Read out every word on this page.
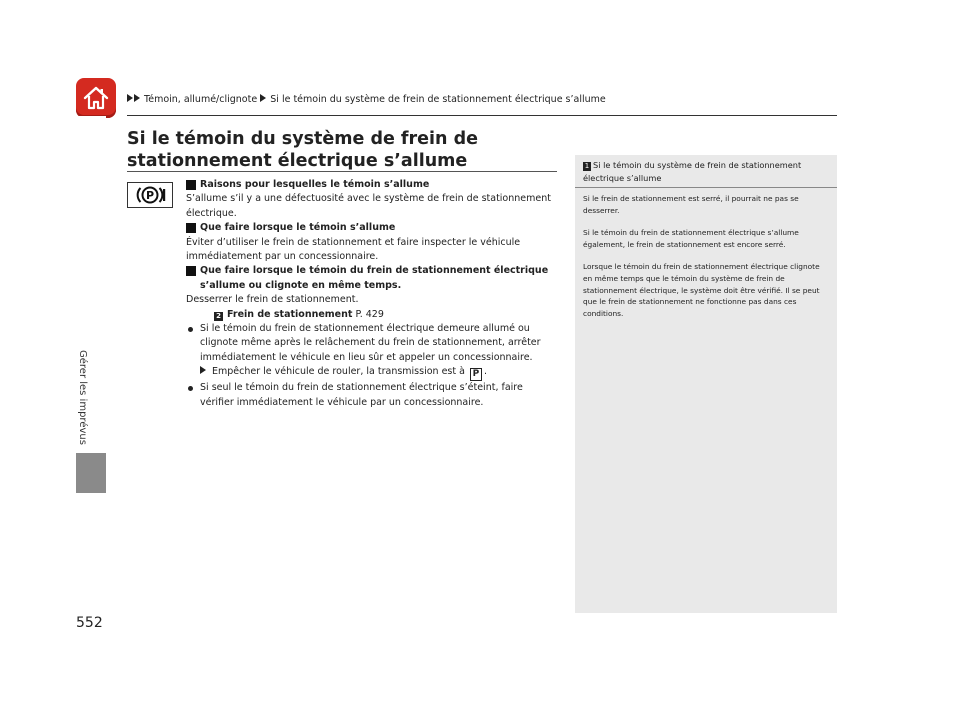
Témoin, allumé/clignote Si le témoin du système de frein de stationnement électrique s’allume
Gérer les imprévus
552
Si le témoin du système de frein de stationnement électrique s’allume
P
Raisons pour lesquelles le témoin s’allume
S’allume s’il y a une défectuosité avec le système de frein de stationnement électrique.
Que faire lorsque le témoin s’allume
Éviter d’utiliser le frein de stationnement et faire inspecter le véhicule immédiatement par un concessionnaire.
Que faire lorsque le témoin du frein de stationnement électrique
s’allume ou clignote en même temps.
Desserrer le frein de stationnement.
2 Frein de stationnement P. 429
Si le témoin du frein de stationnement électrique demeure allumé ou clignote même après le relâchement du frein de stationnement, arrêter immédiatement le véhicule en lieu sûr et appeler un concessionnaire.
Empêcher le véhicule de rouler, la transmission est à P .
Si seul le témoin du frein de stationnement électrique s’éteint, faire vérifier immédiatement le véhicule par un concessionnaire.
1 Si le témoin du système de frein de stationnement électrique s’allume

Si le frein de stationnement est serré, il pourrait ne pas se desserrer.

Si le témoin du frein de stationnement électrique s’allume également, le frein de stationnement est encore serré.

Lorsque le témoin du frein de stationnement électrique clignote en même temps que le témoin du système de frein de stationnement électrique, le système doit être vérifié. Il se peut que le frein de stationnement ne fonctionne pas dans ces conditions.
